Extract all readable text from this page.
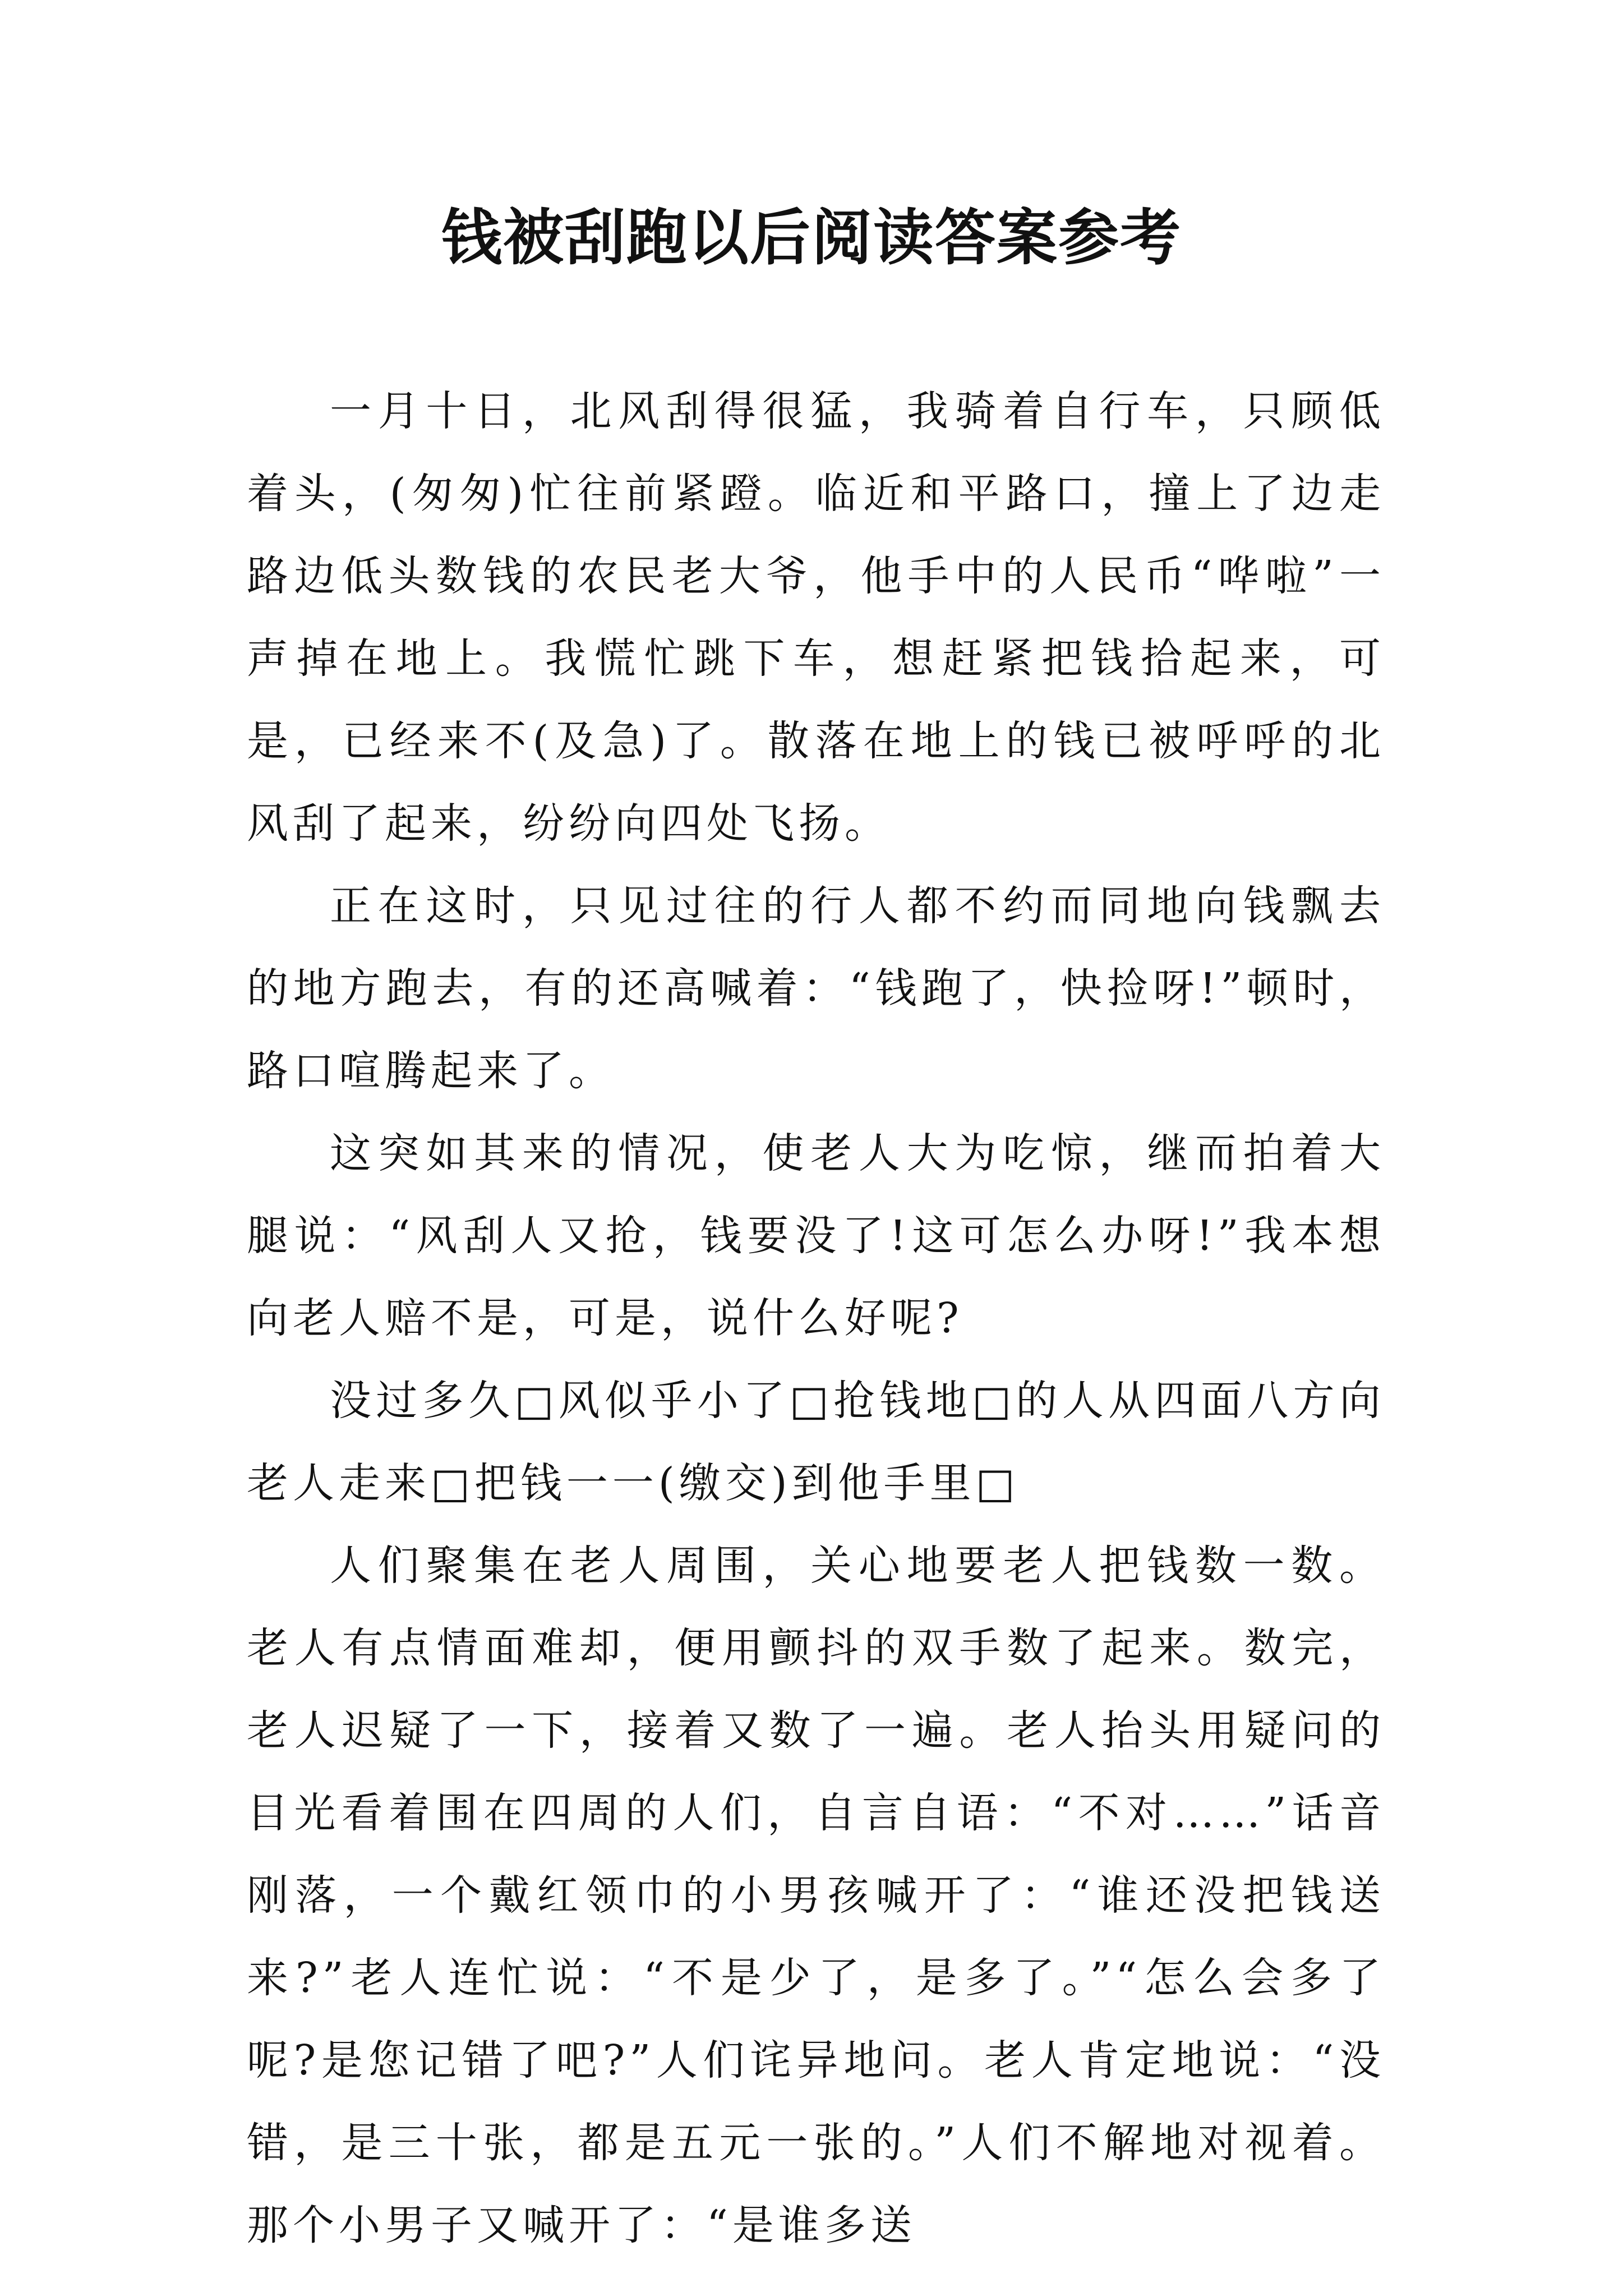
钱被刮跑以后阅读答案参考

一月十日，北风刮得很猛，我骑着自行车，只顾低着头，(匆匆)忙往前紧蹬。临近和平路口，撞上了边走路边低头数钱的农民老大爷，他手中的人民币“哗啦”一声掉在地上。我慌忙跳下车，想赶紧把钱拾起来，可是，已经来不(及急)了。散落在地上的钱已被呼呼的北风刮了起来，纷纷向四处飞扬。

正在这时，只见过往的行人都不约而同地向钱飘去的地方跑去，有的还高喊着：“钱跑了，快捡呀!”顿时，路口喧腾起来了。

这突如其来的情况，使老人大为吃惊，继而拍着大腿说：“风刮人又抢，钱要没了!这可怎么办呀!”我本想向老人赔不是，可是，说什么好呢?

没过多久□风似乎小了□抢钱地□的人从四面八方向老人走来□把钱一一(缴交)到他手里□

人们聚集在老人周围，关心地要老人把钱数一数。老人有点情面难却，便用颤抖的双手数了起来。数完，老人迟疑了一下，接着又数了一遍。老人抬头用疑问的目光看着围在四周的人们，自言自语：“不对……”话音刚落，一个戴红领巾的小男孩喊开了：“谁还没把钱送来?”老人连忙说：“不是少了，是多了。”“怎么会多了呢?是您记错了吧?”人们诧异地问。老人肯定地说：“没错，是三十张，都是五元一张的。”人们不解地对视着。那个小男子又喊开了：“是谁多送
